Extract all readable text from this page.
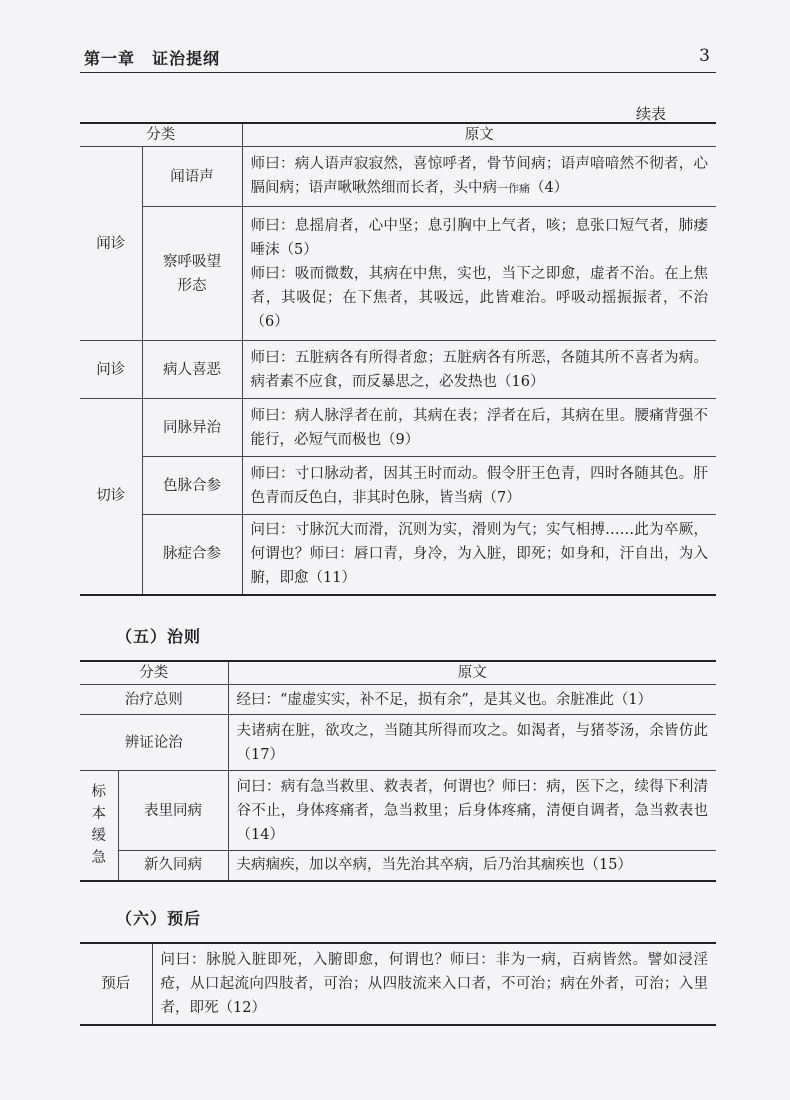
第一章　证治提纲	3
续表
分类		原文
闻诊	闻语声	师曰：病人语声寂寂然，喜惊呼者，骨节间病；语声喑喑然不彻者，心膈间病；语声啾啾然细而长者，头中病一作痛（4）

	察呼吸望形态	师曰：息摇肩者，心中坚；息引胸中上气者，咳；息张口短气者，肺痿唾沫（5）
师曰：吸而微数，其病在中焦，实也，当下之即愈，虚者不治。在上焦者，其吸促；在下焦者，其吸远，此皆难治。呼吸动摇振振者，不治（6）

问诊	病人喜恶	师曰：五脏病各有所得者愈；五脏病各有所恶，各随其所不喜者为病。病者素不应食，而反暴思之，必发热也（16）
切诊	同脉异治	师曰：病人脉浮者在前，其病在表；浮者在后，其病在里。腰痛背强不能行，必短气而极也（9）
	色脉合参	师曰：寸口脉动者，因其王时而动。假令肝王色青，四时各随其色。肝色青而反色白，非其时色脉，皆当病（7）
	脉症合参	问曰：寸脉沉大而滑，沉则为实，滑则为气；实气相搏……此为卒厥，何谓也？师曰：唇口青，身冷，为入脏，即死；如身和，汗自出，为入腑，即愈（11）
（五）治则
分类		原文
治疗总则		经曰：“虚虚实实，补不足，损有余”，是其义也。余脏准此（1）
辨证论治		夫诸病在脏，欲攻之，当随其所得而攻之。如渴者，与猪苓汤，余皆仿此（17）

标本缓急	表里同病	问曰：病有急当救里、救表者，何谓也？师曰：病，医下之，续得下利清谷不止，身体疼痛者，急当救里；后身体疼痛，清便自调者，急当救表也（14）
	新久同病	夫病痼疾，加以卒病，当先治其卒病，后乃治其痼疾也（15）
（六）预后
预后	问曰：脉脱入脏即死，入腑即愈，何谓也？师曰：非为一病，百病皆然。譬如浸淫疮，从口起流向四肢者，可治；从四肢流来入口者，不可治；病在外者，可治；入里者，即死（12）
